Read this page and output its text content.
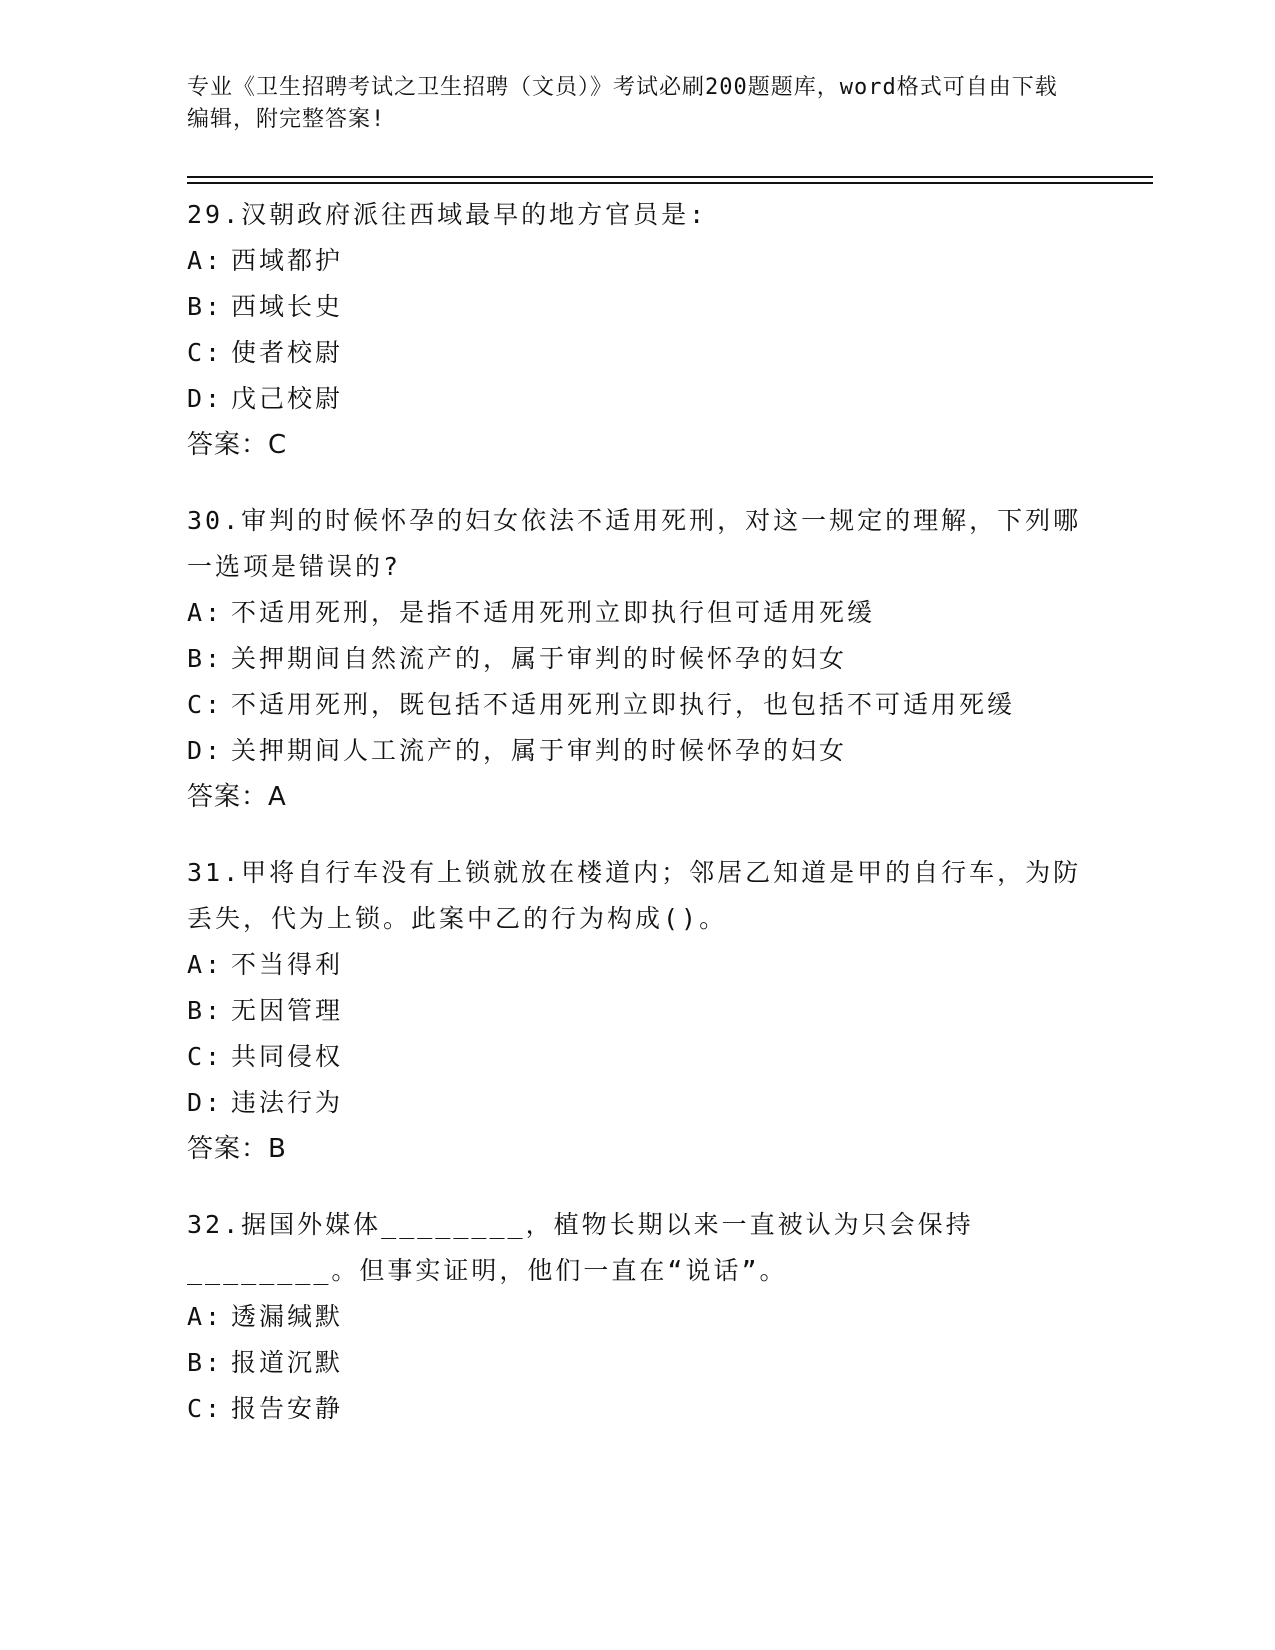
专业《卫生招聘考试之卫生招聘（文员）》考试必刷200题题库，word格式可自由下载编辑，附完整答案!

29.汉朝政府派往西域最早的地方官员是:

A: 西域都护

B: 西域长史

C: 使者校尉

D: 戊己校尉

答案：C

30.审判的时候怀孕的妇女依法不适用死刑，对这一规定的理解，下列哪一选项是错误的?

A: 不适用死刑，是指不适用死刑立即执行但可适用死缓

B: 关押期间自然流产的，属于审判的时候怀孕的妇女

C: 不适用死刑，既包括不适用死刑立即执行，也包括不可适用死缓

D: 关押期间人工流产的，属于审判的时候怀孕的妇女

答案：A

31.甲将自行车没有上锁就放在楼道内；邻居乙知道是甲的自行车，为防丢失，代为上锁。此案中乙的行为构成()。

A: 不当得利

B: 无因管理

C: 共同侵权

D: 违法行为

答案：B

32.据国外媒体________，植物长期以来一直被认为只会保持________。但事实证明，他们一直在“说话”。

A: 透漏缄默

B: 报道沉默

C: 报告安静
